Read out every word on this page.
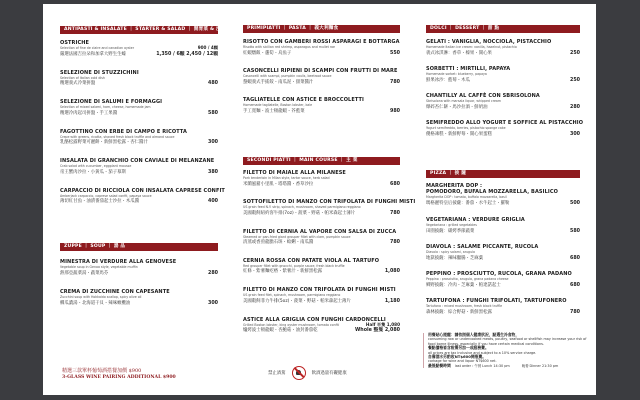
ANTIPASTI & INSALATE ｜ STARTER & SALAD ｜ 開胃菜 & 沙拉
OSTRICHE
Selection of fine de claire and canadian oyster	900 / 4顆
嚴選法國吉拉朵和加拿大野生生蠔	1,350 / 6顆 2,450 / 12顆
SELEZIONE DI STUZZICHINI
Selection of Italian cold dish
精選義式冷菜拼盤	480
SELEZIONE DI SALUMI E FORMAGGI
Selection of mixed salami, ham, cheese, homemade jam
精選冷肉起司拼盤・手工果醬	580
FAGOTTINO CON ERBE DI CAMPO E RICOTTA
Crepe with greens, ricotta, shaved fresh black truffle and almond sauce
乳酪松露野菜可麗餅・新鮮黑松露・杏仁醬汁	300
INSALATA DI GRANCHIO CON CAVIALE DI MELANZANE
Crab salad with cucumber, eggplant mousse
帝王蟹肉沙拉・小黃瓜・茄子慕斯	380
CARPACCIO DI RICCIOLA CON INSALATA CAPRESE CONFIT
Amberjack carpaccio, caprese salad confit, papaya sauce
薄切紅甘魚・油漬番茄起士沙拉・木瓜醬	400
ZUPPE ｜ SOUP ｜ 湯 品
MINESTRA DI VERDURE ALLA GENOVESE
Vegetable soup in Genoa style, vegetable muffin
熱那亞蔬菜湯・蔬菜馬芬	280
CREMA DI ZUCCHINE CON CAPESANTE
Zucchini soup with Hokkaido scallop, spicy olive oil
櫛瓜濃湯・北海道干貝・辣味橄欖油	300
PRIMIPIATTI ｜ PASTA ｜ 義大利麵食
RISOTTO CON GAMBERI ROSSI ASPARAGI E BOTTARGA
Risotto with sicilian red shrimp, asparagus and mullet roe
紅蝦燉飯・蘆筍・烏魚子	550
CASONCELLI RIPIENI DI SCAMPI CON FRUTTI DI MARE
Casoncelli with scampi, pumpkin coulis, beetroot sauce
螯蝦義式手搖餃・南瓜泥・甜菜醬汁	780
TAGLIATELLE CON ASTICE E BROCCOLETTI
Homemade tagliatelle, Boston lobster, kale
手工寬麵・波士頓龍蝦・芥藍菜	980
SECONDI PIATTI ｜ MAIN COURSE ｜ 主 菜
FILETTO DI MAIALE ALLA MILANESE
Pork tenderloin in Milan style, tartar sauce, herb salad
米蘭風豬小里肌・塔塔醬・香草沙拉	680
SOTTOFILETTO DI MANZO CON TRIFOLATA DI FUNGHI MISTI
US grain feed N.Y. strip, spinach, mushroom, shaved parmigiano reggiano
美國穀飼紐約客牛排(7oz)・菠菜・野菇・帕米森起士薄片	780
FILETTO DI CERNIA AL VAPORE CON SALSA DI ZUCCA
Steamed or pan-fried giant grouper fillet with clam, pumpkin sauce
清蒸或香煎龍膽石斑・蛤蜊・南瓜醬	780
CERNIA ROSSA CON PATATE VIOLA AL TARTUFO
Red grouper fillet with gnocchi, purple sauce, fresh black truffle
紅條・紫薯麵疙瘩・紫薯汁・新鮮黑松露	1,080
FILETTO DI MANZO CON TRIFOLATA DI FUNGHI MISTI
US grain feed filet, spinach, mushroom, parmigiano reggiano
美國穀飼菲力牛排(5oz)・菠菜・野菇・帕米森起士薄片	1,180
ASTICE ALLA GRIGLIA CON FUNGHI CARDONCELLI
Grilled Boston lobster, king oyster mushroom, tomato confit	Half 半隻 1,080
爐烤波士頓龍蝦・杏鮑菇・油封番茄乾	Whole 整隻 2,080
DOLCI ｜ DESSERT ｜ 甜 點
GELATI : VANIGLIA, NOCCIOLA, PISTACCHIO
Homemade Italian ice cream: vanilla, hazelnut, pistachio
義式冰淇淋：香草・榛果・開心果	250
SORBETTI : MIRTILLI, PAPAYA
Homemade sorbet: blueberry, papaya
鮮果冰沙：藍莓・木瓜	250
CHANTILLY AL CAFFÈ CON SBRISOLONA
Sbrisolona with marsala liquor, whipped cream
爆碎杏仁餅・馬沙拉酒・鮮奶油	280
SEMIFREDDO ALLO YOGURT E SOFFICE AL PISTACCHIO
Yogurt semifreddo, berries, pistachio sponge cake
優格凍糕・新鮮野莓・開心果蛋糕	300
PIZZA ｜ 披 薩
MARGHERITA DOP :
POMODORO, BUFALA MOZZARELLA, BASILICO
Margherita DOP : tomato, buffalo mozzarella, basil
瑪格麗特皇后披薩：番茄・水牛起士・羅勒	500
VEGETARIANA : VERDURE GRIGLIA
Vegetariana : grilled vegetables
田園披薩：碳烤季節蔬菜	580
DIAVOLA : SALAME PICCANTE, RUCOLA
Diavola : spicy salami, arugula
地獄披薩：辣味臘腸・芝麻葉	680
PEPPINO : PROSCIUTTO, RUCOLA, GRANA PADANO
Peppino : prosciutto, arugula, grana padano cheese
鄉野披薩：冷肉・芝麻葉・帕達諾起士	680
TARTUFONA : FUNGHI TRIFOLATI, TARTUFONERO
Tartufona : mixed mushroom, fresh black truffle
森林披薩：綜合野菇・新鮮黑松露	780
精選三款單杯葡萄酒搭餐加價 $900
3-GLASS WINE PAIRING ADDITIONAL $900
禁止酒駕	飲酒過量有礙健康
用餐貼心提醒：請依照個人健康狀況，點選生冷食物，
consuming raw or undercooked meats, poultry, seafood or shellfish may increase your risk of food borne illness, especially if you have certain medical conditions.
餐點價格皆含稅需另加一成服務費。
all prices are tax inclusive and subject to a 10% service charge.
自備酒水另酌收NT$600開瓶費。
corkage for wine and liquor NT$600 net.
最後點餐時間 last order : 午餐 Lunch 14:30 pm	晚餐 Dinner 21:30 pm
